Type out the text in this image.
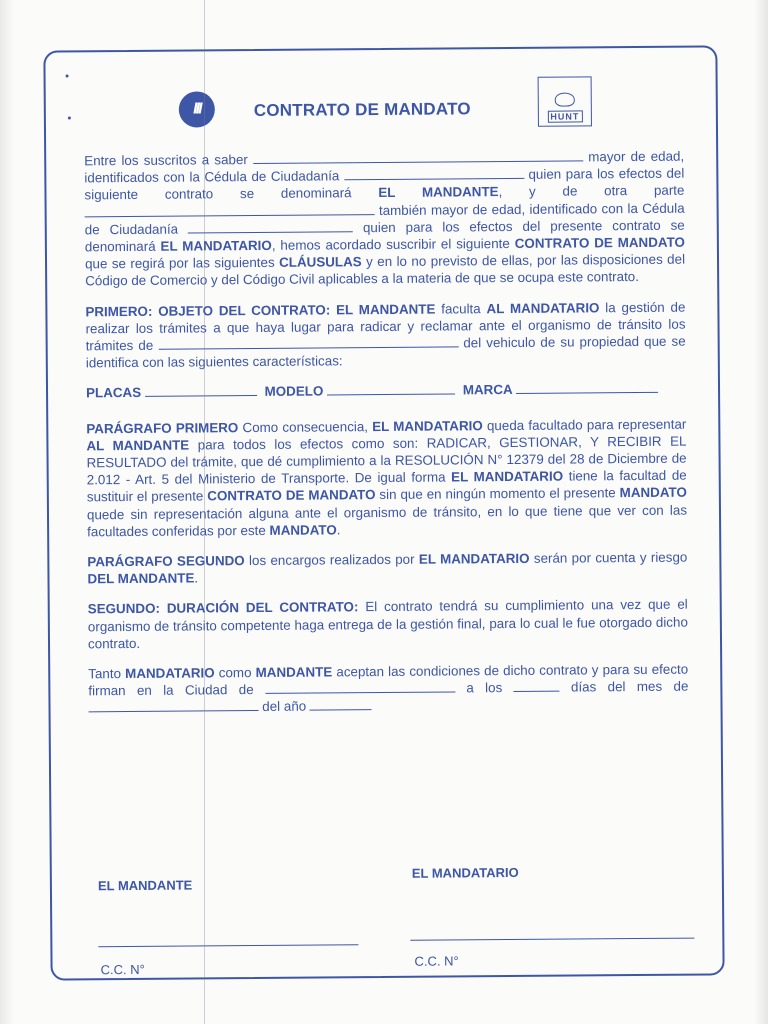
III	CONTRATO DE MANDATO	HUNT

Entre los suscritos a saber	mayor de edad, identificados con la Cédula de Ciudadanía	quien para los efectos del siguiente contrato se denominará EL MANDANTE, y de otra parte  también mayor de edad, identificado con la Cédula de Ciudadanía	quien para los efectos del presente contrato se denominará EL MANDATARIO, hemos acordado suscribir el siguiente CONTRATO DE MANDATO que se regirá por las siguientes CLÁUSULAS y en lo no previsto de ellas, por las disposiciones del Código de Comercio y del Código Civil aplicables a la materia de que se ocupa este contrato.

PRIMERO: OBJETO DEL CONTRATO: EL MANDANTE faculta AL MANDATARIO la gestión de realizar los trámites a que haya lugar para radicar y reclamar ante el organismo de tránsito los trámites de	del vehiculo de su propiedad que se identifica con las siguientes características:

PLACAS	MODELO	MARCA

PARÁGRAFO PRIMERO Como consecuencia, EL MANDATARIO queda facultado para representar AL MANDANTE para todos los efectos como son: RADICAR, GESTIONAR, Y RECIBIR EL RESULTADO del trámite, que dé cumplimiento a la RESOLUCIÓN N° 12379 del 28 de Diciembre de 2.012 - Art. 5 del Ministerio de Transporte. De igual forma EL MANDATARIO tiene la facultad de sustituir el presente CONTRATO DE MANDATO sin que en ningún momento el presente MANDATO quede sin representación alguna ante el organismo de tránsito, en lo que tiene que ver con las facultades conferidas por este MANDATO.

PARÁGRAFO SEGUNDO los encargos realizados por EL MANDATARIO serán por cuenta y riesgo DEL MANDANTE.

SEGUNDO: DURACIÓN DEL CONTRATO: El contrato tendrá su cumplimiento una vez que el organismo de tránsito competente haga entrega de la gestión final, para lo cual le fue otorgado dicho contrato.

Tanto MANDATARIO como MANDANTE aceptan las condiciones de dicho contrato y para su efecto firman en la Ciudad de	a los	días del mes de  del año

EL MANDANTE
EL MANDATARIO
C.C. N°
C.C. N°
